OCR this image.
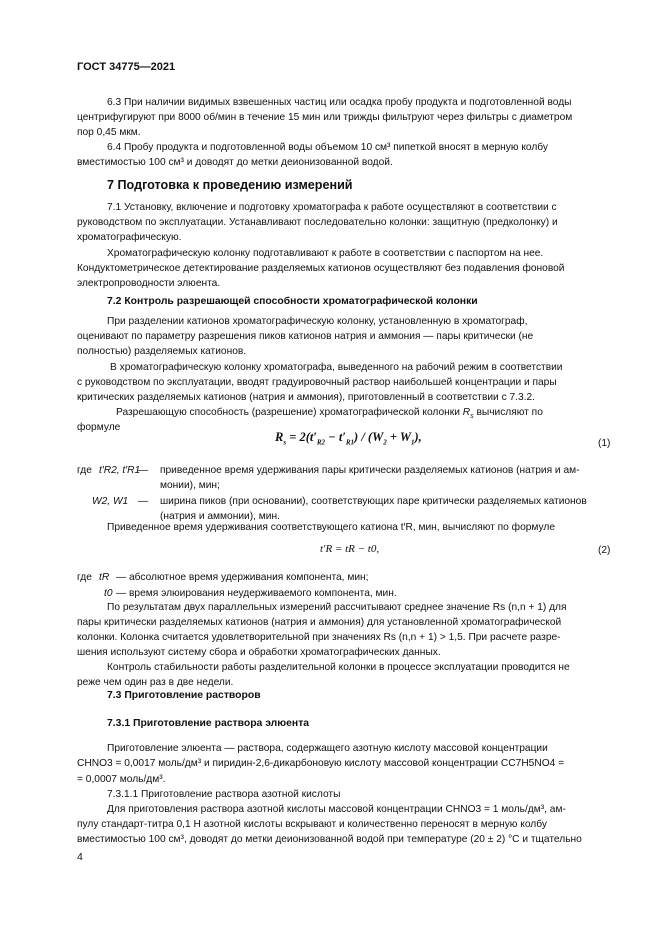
ГОСТ 34775—2021
6.3 При наличии видимых взвешенных частиц или осадка пробу продукта и подготовленной воды
центрифугируют при 8000 об/мин в течение 15 мин или трижды фильтруют через фильтры с диаметром
пор 0,45 мкм.
6.4 Пробу продукта и подготовленной воды объемом 10 см³ пипеткой вносят в мерную колбу
вместимостью 100 см³ и доводят до метки деионизованной водой.
7 Подготовка к проведению измерений
7.1 Установку, включение и подготовку хроматографа к работе осуществляют в соответствии с
руководством по эксплуатации. Устанавливают последовательно колонки: защитную (предколонку) и
хроматографическую.
Хроматографическую колонку подготавливают к работе в соответствии с паспортом на нее.
Кондуктометрическое детектирование разделяемых катионов осуществляют без подавления фоновой
электропроводности элюента.
7.2 Контроль разрешающей способности хроматографической колонки
При разделении катионов хроматографическую колонку, установленную в хроматограф,
оценивают по параметру разрешения пиков катионов натрия и аммония — пары критически (не
полностью) разделяемых катионов.
В хроматографическую колонку хроматографа, выведенного на рабочий режим в соответствии
с руководством по эксплуатации, вводят градуировочный раствор наибольшей концентрации и пары
критических разделяемых катионов (натрия и аммония), приготовленный в соответствии с 7.3.2.
Разрешающую способность (разрешение) хроматографической колонки $R_s$ вычисляют по
формуле
$R_s = 2(t'_{R2} - t'_{R1}) / (W_2 + W_1)$,	(1)
где t′R2, t′R1
— приведенное время удерживания пары критически разделяемых катионов (натрия и ам-
монии), мин;
W2, W1 — ширина пиков (при основании), соответствующих паре критически разделяемых катионов
(натрия и аммонии), мин.
Приведенное время удерживания соответствующего катиона t′R, мин, вычисляют по формуле
t′R = tR − t0,	(2)
где tR — абсолютное время удерживания компонента, мин;
t0 — время элюирования неудерживаемого компонента, мин.
По результатам двух параллельных измерений рассчитывают среднее значение Rs (n,n + 1) для
пары критически разделяемых катионов (натрия и аммония) для установленной хроматографической
колонки. Колонка считается удовлетворительной при значениях Rs (n,n + 1) > 1,5. При расчете разре-
шения используют систему сбора и обработки хроматографических данных.
Контроль стабильности работы разделительной колонки в процессе эксплуатации проводится не
реже чем один раз в две недели.
7.3 Приготовление растворов
7.3.1 Приготовление раствора элюента
Приготовление элюента — раствора, содержащего азотную кислоту массовой концентрации
CHNO3 = 0,0017 моль/дм³ и пиридин-2,6-дикарбоновую кислоту массовой концентрации CC7H5NO4 =
= 0,0007 моль/дм³.
7.3.1.1 Приготовление раствора азотной кислоты
Для приготовления раствора азотной кислоты массовой концентрации CHNO3 = 1 моль/дм³, ам-
пулу стандарт-титра 0,1 Н азотной кислоты вскрывают и количественно переносят в мерную колбу
вместимостью 100 см³, доводят до метки деионизованной водой при температуре (20 ± 2) °С и тщательно
4
